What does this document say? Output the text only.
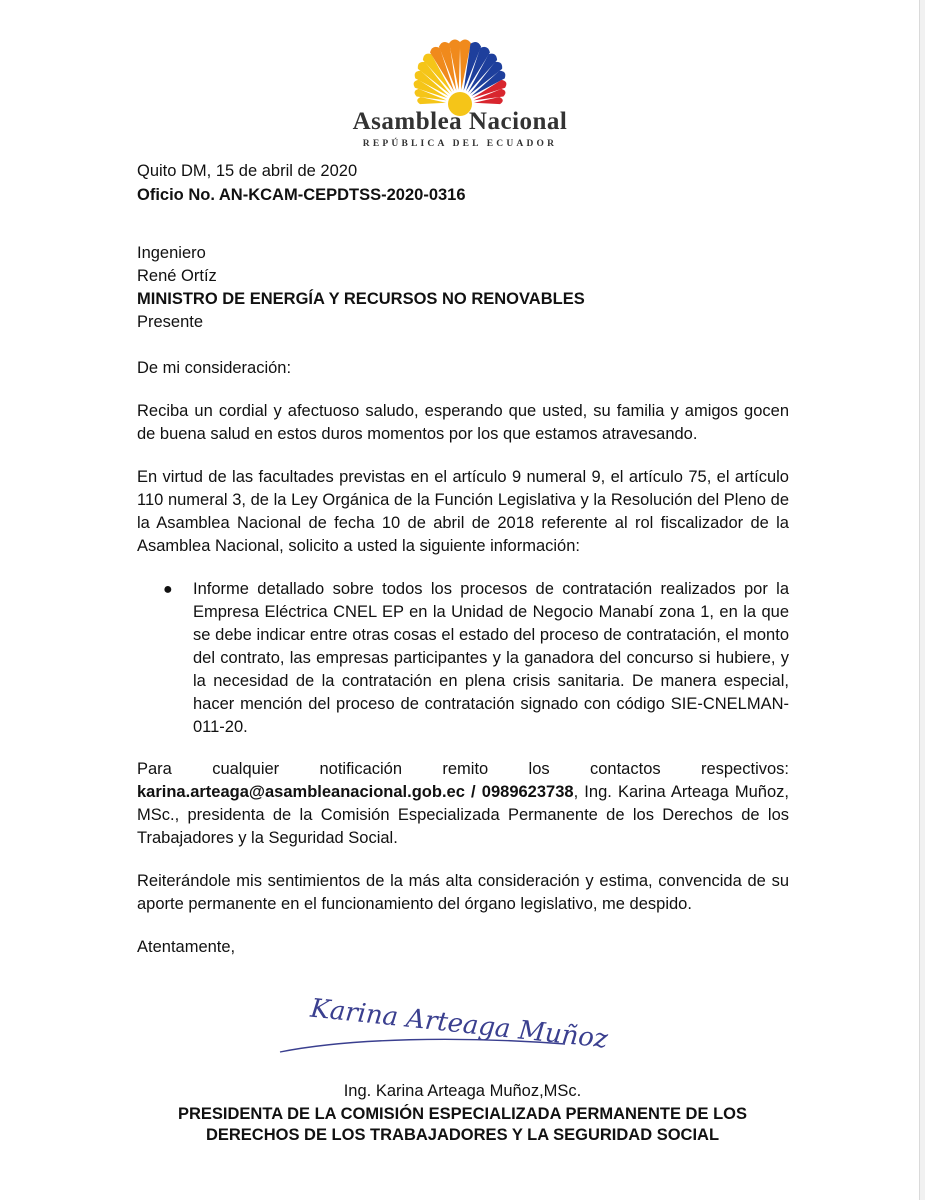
Asamblea Nacional
REPÚBLICA DEL ECUADOR
Quito DM, 15 de abril de 2020
Oficio No. AN-KCAM-CEPDTSS-2020-0316
Ingeniero
René Ortíz
MINISTRO DE ENERGÍA Y RECURSOS NO RENOVABLES
Presente
De mi consideración:
Reciba un cordial y afectuoso saludo, esperando que usted, su familia y amigos gocen de buena salud en estos duros momentos por los que estamos atravesando.
En virtud de las facultades previstas en el artículo 9 numeral 9, el artículo 75, el artículo 110 numeral 3, de la Ley Orgánica de la Función Legislativa y la Resolución del Pleno de la Asamblea Nacional de fecha 10 de abril de 2018 referente al rol fiscalizador de la Asamblea Nacional, solicito a usted la siguiente información:
● Informe detallado sobre todos los procesos de contratación realizados por la Empresa Eléctrica CNEL EP en la Unidad de Negocio Manabí zona 1, en la que se debe indicar entre otras cosas el estado del proceso de contratación, el monto del contrato, las empresas participantes y la ganadora del concurso si hubiere, y la necesidad de la contratación en plena crisis sanitaria. De manera especial, hacer mención del proceso de contratación signado con código SIE-CNELMAN-011-20.
Para cualquier notificación remito los contactos respectivos: karina.arteaga@asambleanacional.gob.ec / 0989623738, Ing. Karina Arteaga Muñoz, MSc., presidenta de la Comisión Especializada Permanente de los Derechos de los Trabajadores y la Seguridad Social.
Reiterándole mis sentimientos de la más alta consideración y estima, convencida de su aporte permanente en el funcionamiento del órgano legislativo, me despido.
Atentamente,
Karina Arteaga Muñoz
Ing. Karina Arteaga Muñoz,MSc.
PRESIDENTA DE LA COMISIÓN ESPECIALIZADA PERMANENTE DE LOS
DERECHOS DE LOS TRABAJADORES Y LA SEGURIDAD SOCIAL
